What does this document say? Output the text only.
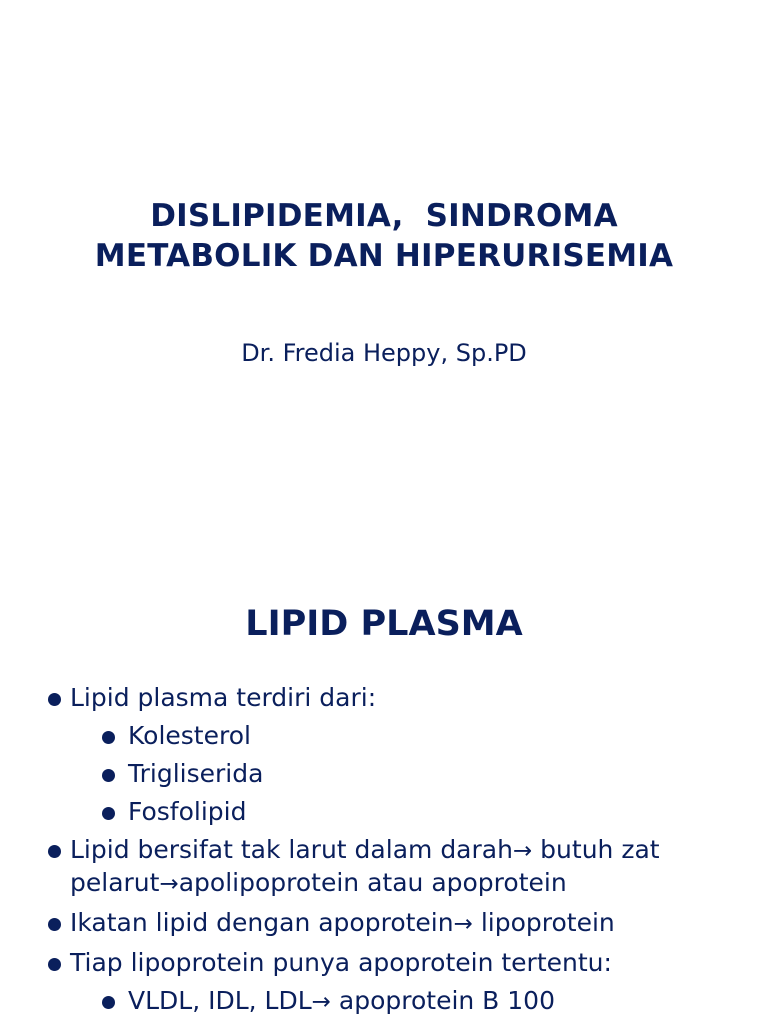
DISLIPIDEMIA,  SINDROMA
METABOLIK DAN HIPERURISEMIA
Dr. Fredia Heppy, Sp.PD
LIPID PLASMA
Lipid plasma terdiri dari:
Kolesterol
Trigliserida
Fosfolipid
Lipid bersifat tak larut dalam darah→ butuh zat pelarut→apolipoprotein atau apoprotein
Ikatan lipid dengan apoprotein→ lipoprotein
Tiap lipoprotein punya apoprotein tertentu:
VLDL, IDL, LDL→ apoprotein B 100
